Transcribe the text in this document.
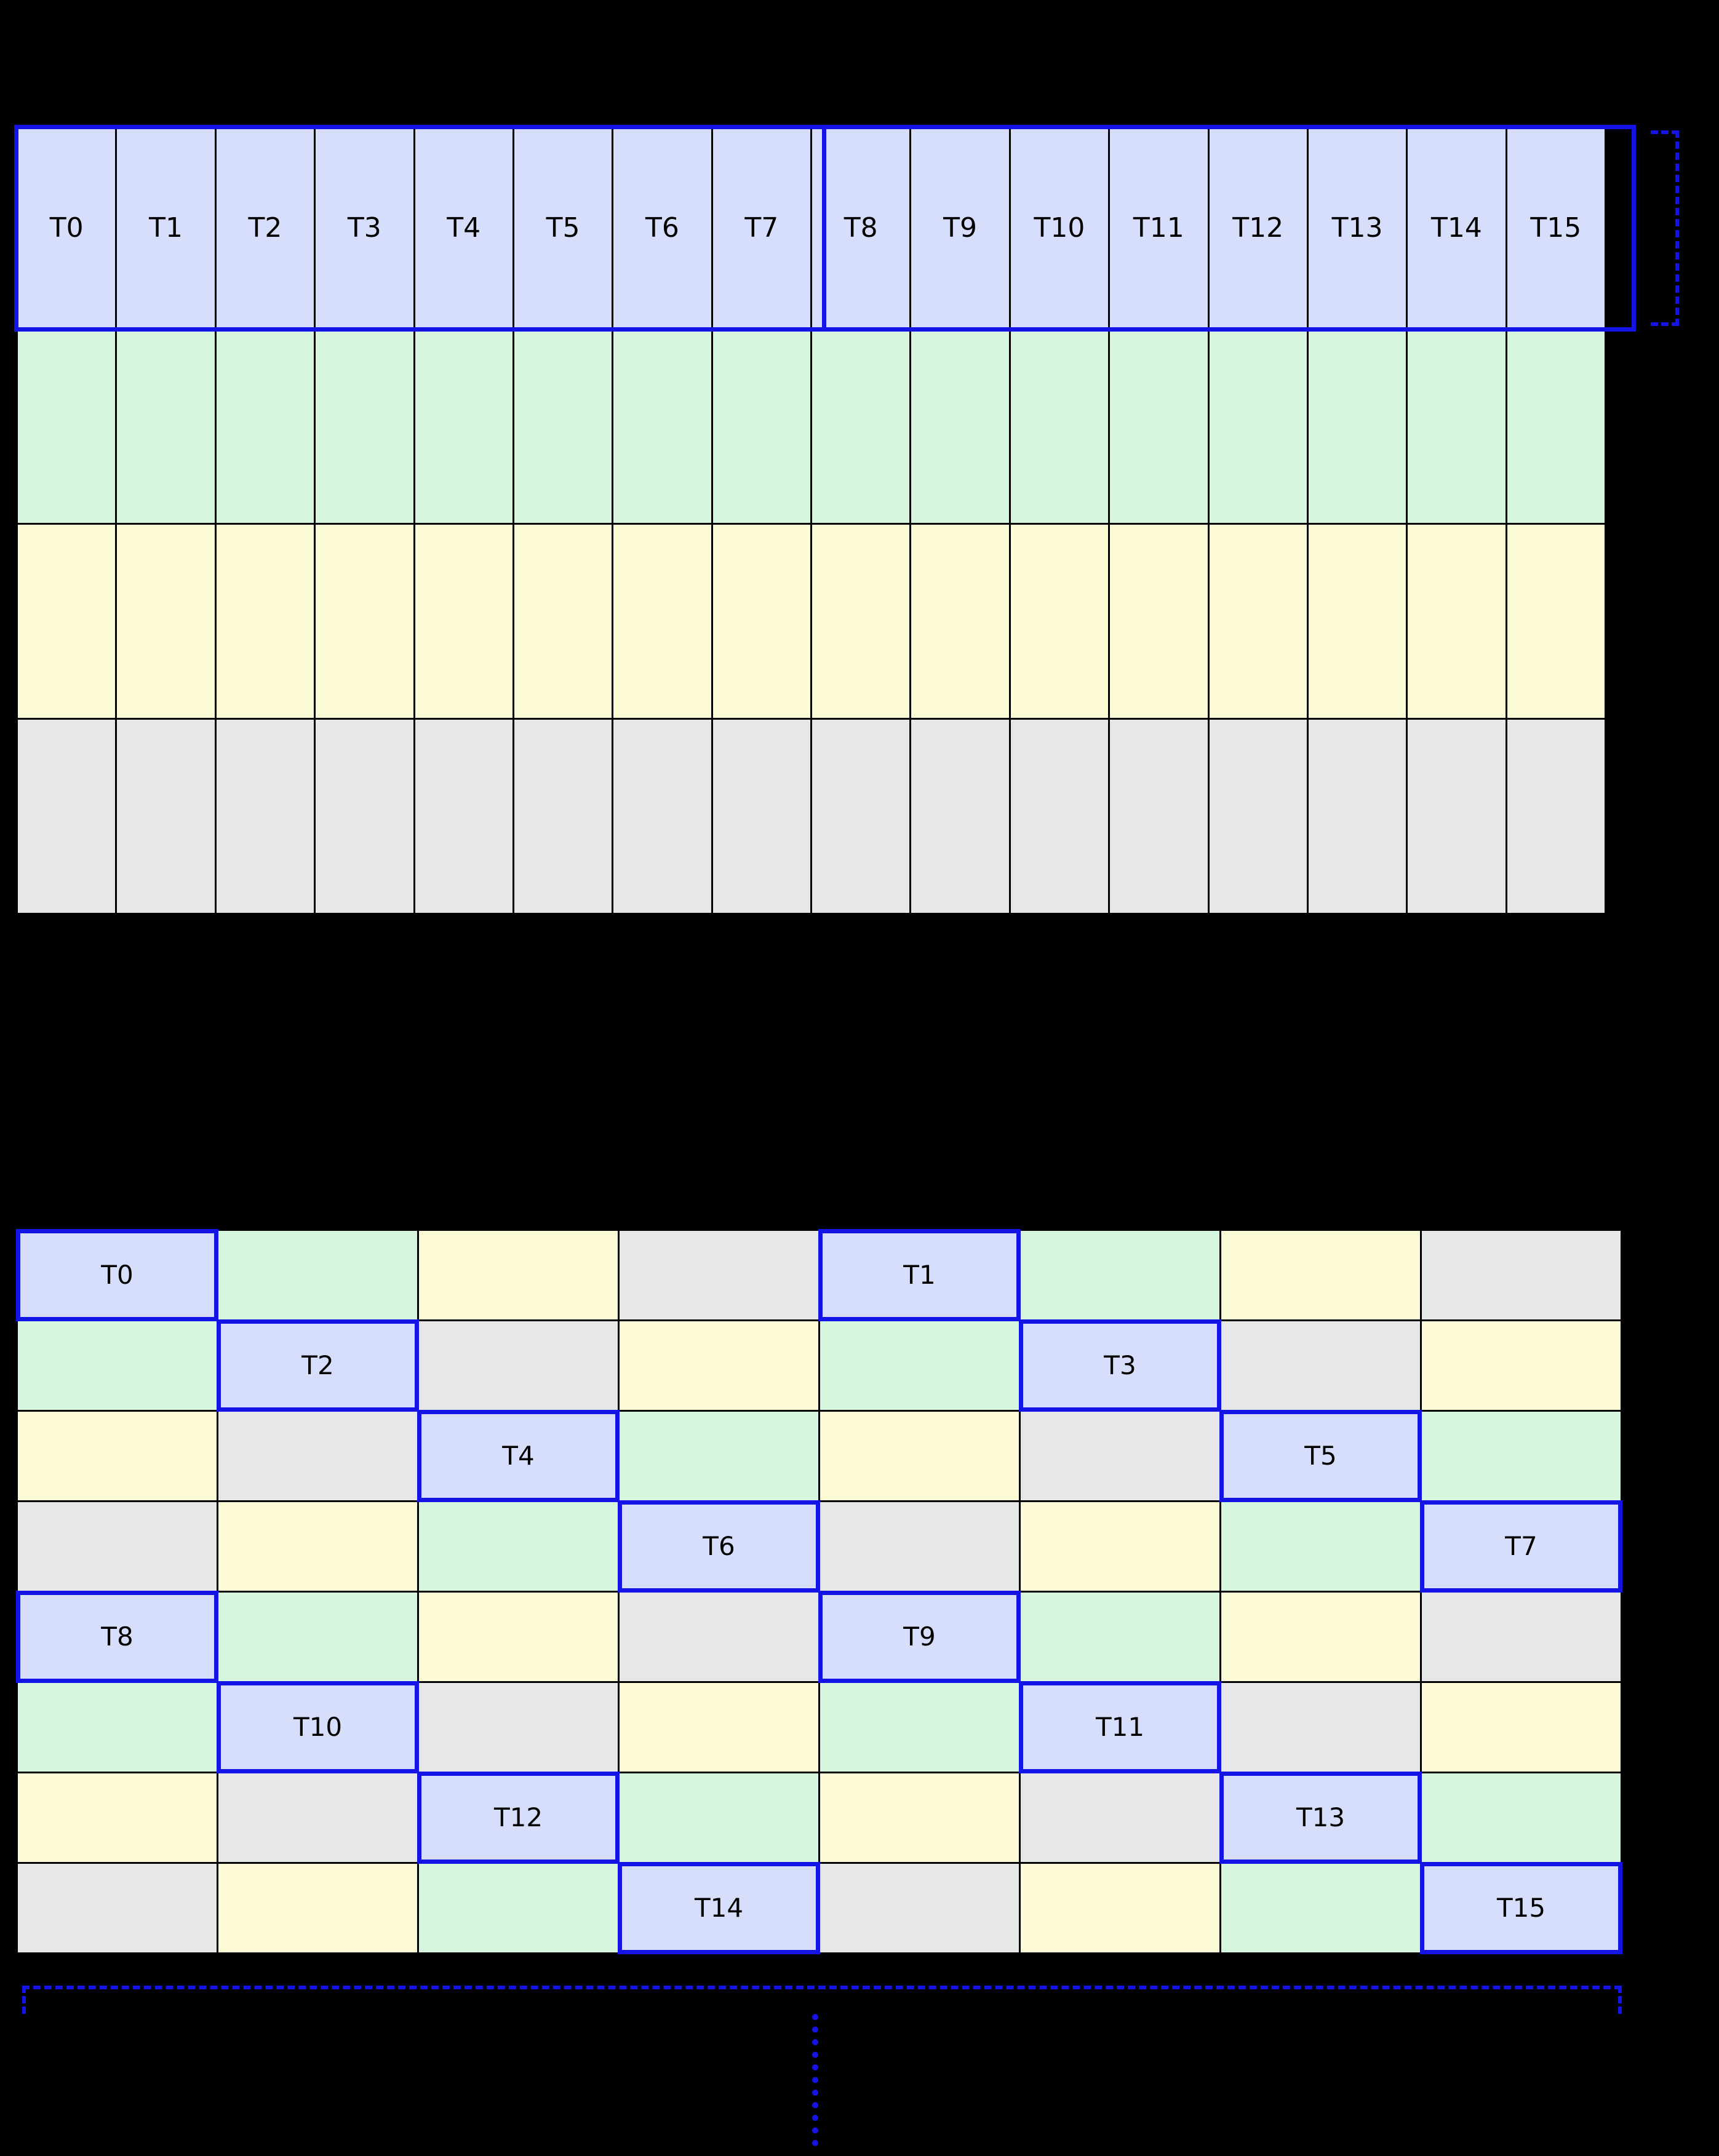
T0 T1 T2 T3 T4 T5 T6 T7 T8 T9 T10 T11 T12 T13 T14 T15
T0	T1
T2	T3
T4	T5
T6	T7
T8	T9
T10	T11
T12	T13
T14	T15
